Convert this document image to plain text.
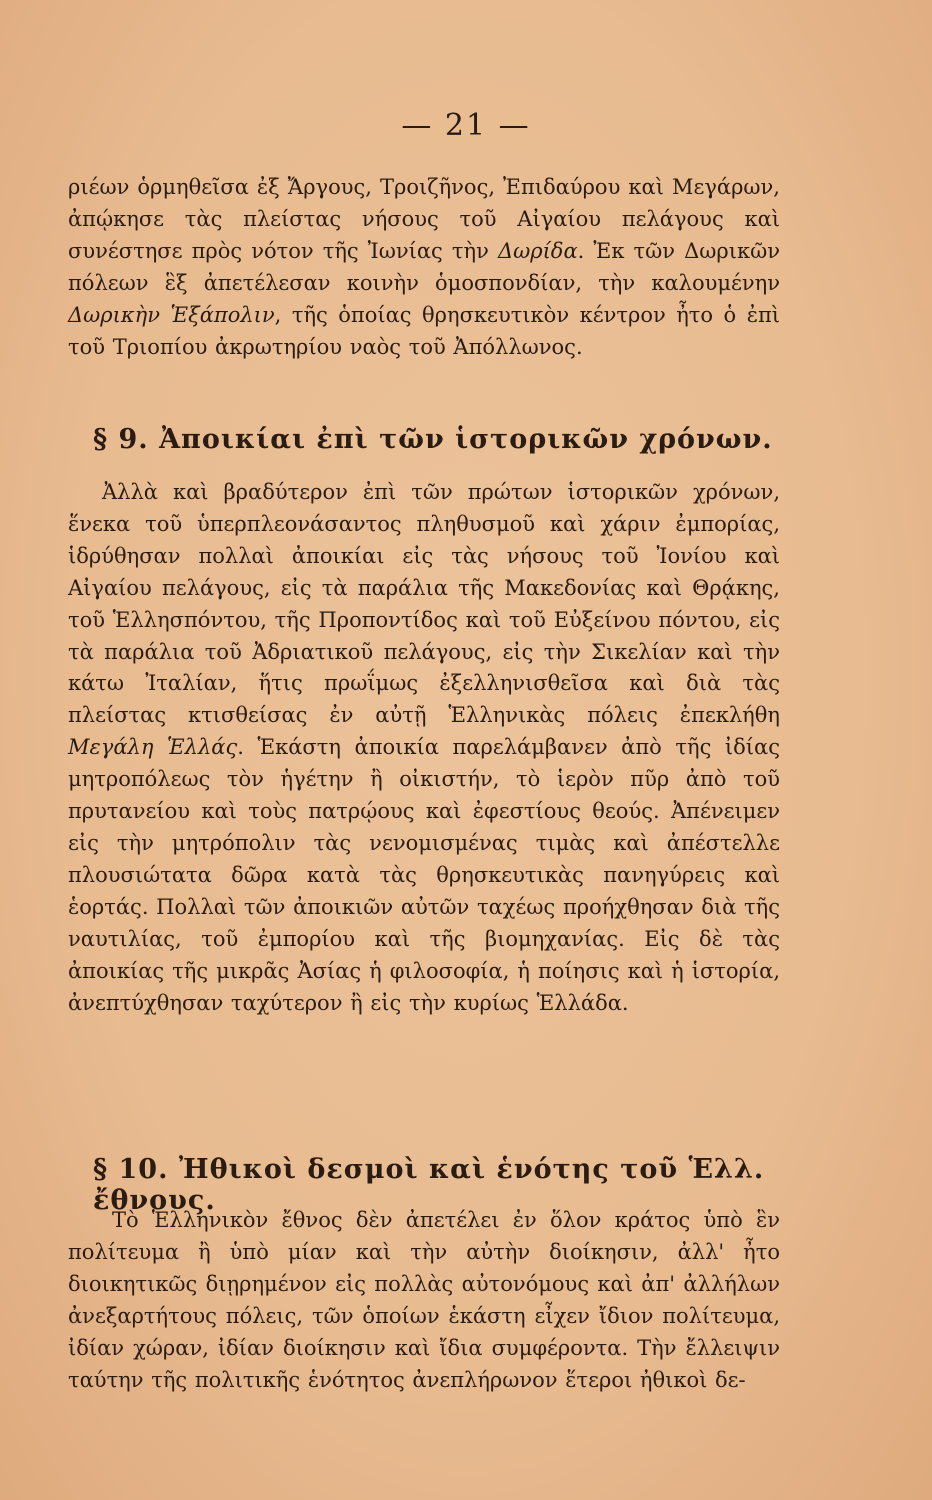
— 21 —
ριέων ὁρμηθεῖσα ἐξ Ἄργους, Τροιζῆνος, Ἐπιδαύρου καὶ Μεγάρων, ἀπῴκησε τὰς πλείστας νήσους τοῦ Αἰγαίου πελάγους καὶ συνέστησε πρὸς νότον τῆς Ἰωνίας τὴν Δωρίδα. Ἐκ τῶν Δωρικῶν πόλεων ἓξ ἀπετέλεσαν κοινὴν ὁμοσπονδίαν, τὴν καλουμένην Δωρικὴν Ἑξάπολιν, τῆς ὁποίας θρησκευτικὸν κέντρον ἦτο ὁ ἐπὶ τοῦ Τριοπίου ἀκρωτηρίου ναὸς τοῦ Ἀπόλλωνος.
§ 9. Ἀποικίαι ἐπὶ τῶν ἱστορικῶν χρόνων.
Ἀλλὰ καὶ βραδύτερον ἐπὶ τῶν πρώτων ἱστορικῶν χρόνων, ἕνεκα τοῦ ὑπερπλεονάσαντος πληθυσμοῦ καὶ χάριν ἐμπορίας, ἱδρύθησαν πολλαὶ ἀποικίαι εἰς τὰς νήσους τοῦ Ἰονίου καὶ Αἰγαίου πελάγους, εἰς τὰ παράλια τῆς Μακεδονίας καὶ Θρᾴκης, τοῦ Ἑλλησπόντου, τῆς Προποντίδος καὶ τοῦ Εὐξείνου πόντου, εἰς τὰ παράλια τοῦ Ἀδριατικοῦ πελάγους, εἰς τὴν Σικελίαν καὶ τὴν κάτω Ἰταλίαν, ἥτις πρωΐμως ἐξελληνισθεῖσα καὶ διὰ τὰς πλείστας κτισθείσας ἐν αὐτῇ Ἑλληνικὰς πόλεις ἐπεκλήθη Μεγάλη Ἑλλάς. Ἑκάστη ἀποικία παρελάμβανεν ἀπὸ τῆς ἰδίας μητροπόλεως τὸν ἡγέτην ἢ οἰκιστήν, τὸ ἱερὸν πῦρ ἀπὸ τοῦ πρυτανείου καὶ τοὺς πατρῴους καὶ ἐφεστίους θεούς. Ἀπένειμεν εἰς τὴν μητρόπολιν τὰς νενομισμένας τιμὰς καὶ ἀπέστελλε πλουσιώτατα δῶρα κατὰ τὰς θρησκευτικὰς πανηγύρεις καὶ ἑορτάς. Πολλαὶ τῶν ἀποικιῶν αὐτῶν ταχέως προήχθησαν διὰ τῆς ναυτιλίας, τοῦ ἐμπορίου καὶ τῆς βιομηχανίας. Εἰς δὲ τὰς ἀποικίας τῆς μικρᾶς Ἀσίας ἡ φιλοσοφία, ἡ ποίησις καὶ ἡ ἱστορία, ἀνεπτύχθησαν ταχύτερον ἢ εἰς τὴν κυρίως Ἑλλάδα.
§ 10. Ἠθικοὶ δεσμοὶ καὶ ἑνότης τοῦ Ἑλλ. ἔθνους.
Τὸ Ἑλληνικὸν ἔθνος δὲν ἀπετέλει ἐν ὅλον κράτος ὑπὸ ἓν πολίτευμα ἢ ὑπὸ μίαν καὶ τὴν αὐτὴν διοίκησιν, ἀλλ' ἦτο διοικητικῶς διῃρημένον εἰς πολλὰς αὐτονόμους καὶ ἀπ' ἀλλήλων ἀνεξαρτήτους πόλεις, τῶν ὁποίων ἑκάστη εἶχεν ἴδιον πολίτευμα, ἰδίαν χώραν, ἰδίαν διοίκησιν καὶ ἴδια συμφέροντα. Τὴν ἔλλειψιν ταύτην τῆς πολιτικῆς ἑνότητος ἀνεπλήρωνον ἕτεροι ἠθικοὶ δε-
